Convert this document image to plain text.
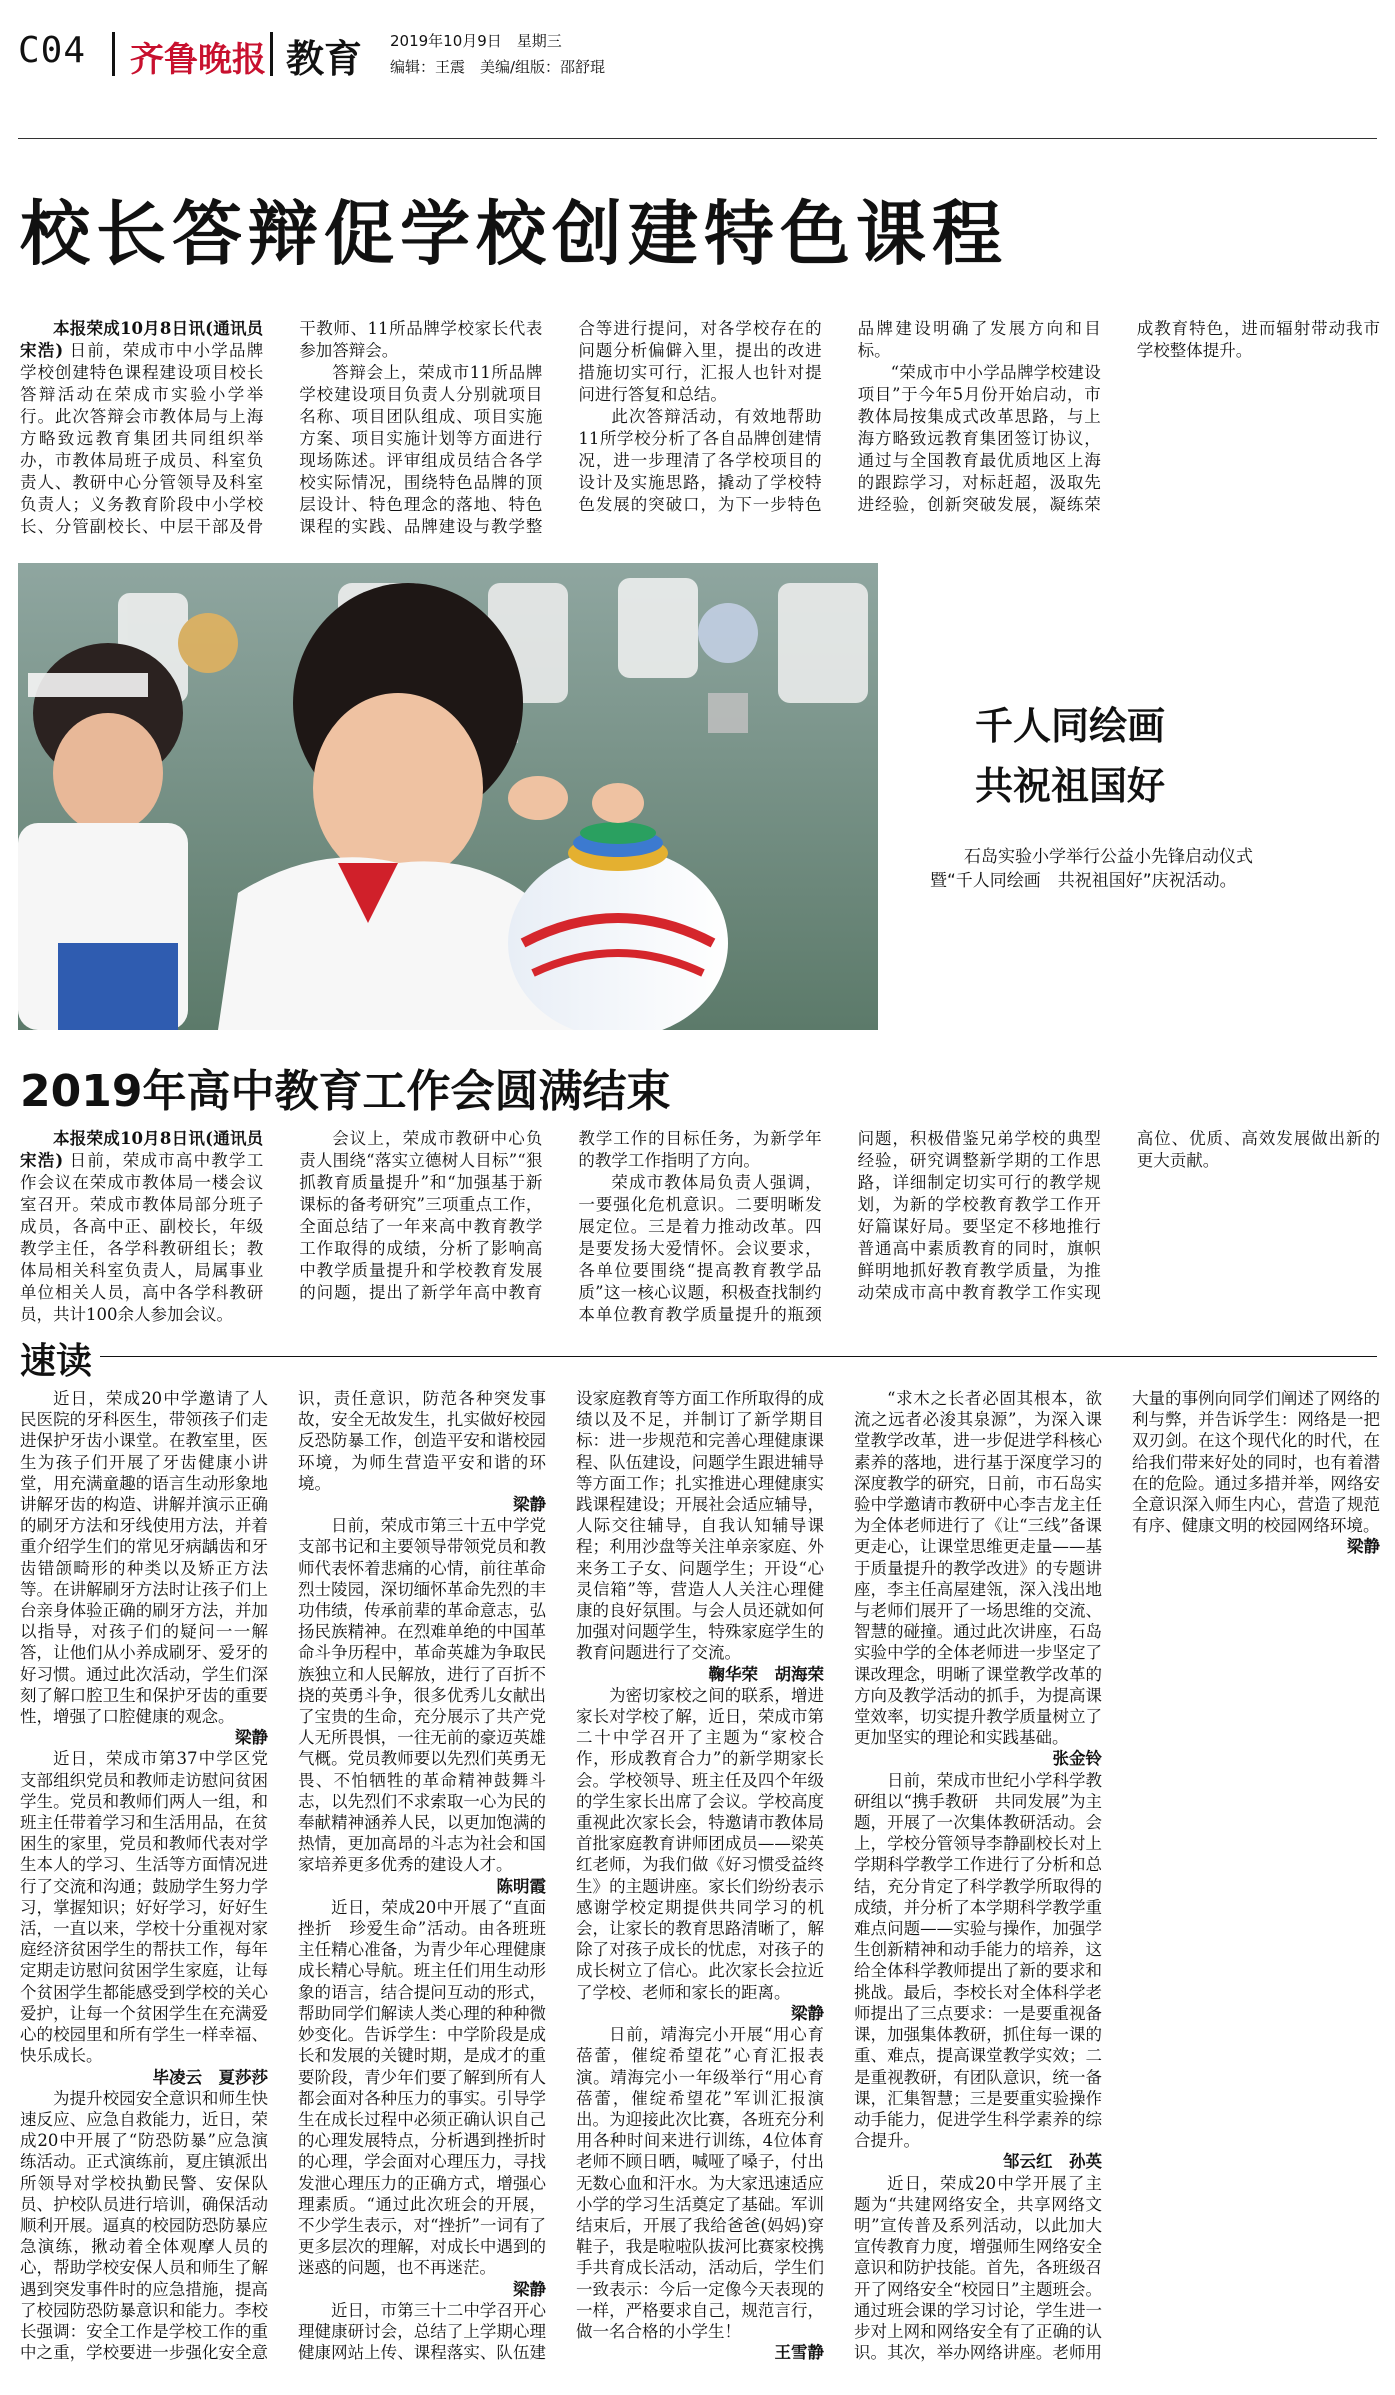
C04 齐鲁晚报 教育 2019年10月9日　星期三
编辑：王震　美编/组版：邵舒琨
校长答辩促学校创建特色课程

本报荣成10月8日讯(通讯员　宋浩) 日前，荣成市中小学品牌学校创建特色课程建设项目校长答辩活动在荣成市实验小学举行。此次答辩会市教体局与上海方略致远教育集团共同组织举办，市教体局班子成员、科室负责人、教研中心分管领导及科室负责人；义务教育阶段中小学校长、分管副校长、中层干部及骨干教师、11所品牌学校家长代表参加答辩会。

答辩会上，荣成市11所品牌学校建设项目负责人分别就项目名称、项目团队组成、项目实施方案、项目实施计划等方面进行现场陈述。评审组成员结合各学校实际情况，围绕特色品牌的顶层设计、特色理念的落地、特色课程的实践、品牌建设与教学整合等进行提问，对各学校存在的问题分析偏僻入里，提出的改进措施切实可行，汇报人也针对提问进行答复和总结。

此次答辩活动，有效地帮助11所学校分析了各自品牌创建情况，进一步理清了各学校项目的设计及实施思路，撬动了学校特色发展的突破口，为下一步特色品牌建设明确了发展方向和目标。

“荣成市中小学品牌学校建设项目”于今年5月份开始启动，市教体局按集成式改革思路，与上海方略致远教育集团签订协议，通过与全国教育最优质地区上海的跟踪学习，对标赶超，汲取先进经验，创新突破发展，凝练荣成教育特色，进而辐射带动我市学校整体提升。

千人同绘画
共祝祖国好
石岛实验小学举行公益小先锋启动仪式暨“千人同绘画　共祝祖国好”庆祝活动。
2019年高中教育工作会圆满结束

本报荣成10月8日讯(通讯员　宋浩) 日前，荣成市高中教学工作会议在荣成市教体局一楼会议室召开。荣成市教体局部分班子成员，各高中正、副校长，年级教学主任，各学科教研组长；教体局相关科室负责人，局属事业单位相关人员，高中各学科教研员，共计100余人参加会议。

会议上，荣成市教研中心负责人围绕“落实立德树人目标”“狠抓教育质量提升”和“加强基于新课标的备考研究”三项重点工作，全面总结了一年来高中教育教学工作取得的成绩，分析了影响高中教学质量提升和学校教育发展的问题，提出了新学年高中教育教学工作的目标任务，为新学年的教学工作指明了方向。

荣成市教体局负责人强调，一要强化危机意识。二要明晰发展定位。三是着力推动改革。四是要发扬大爱情怀。会议要求，各单位要围绕“提高教育教学品质”这一核心议题，积极查找制约本单位教育教学质量提升的瓶颈问题，积极借鉴兄弟学校的典型经验，研究调整新学期的工作思路，详细制定切实可行的教学规划，为新的学校教育教学工作开好篇谋好局。要坚定不移地推行普通高中素质教育的同时，旗帜鲜明地抓好教育教学质量，为推动荣成市高中教育教学工作实现高位、优质、高效发展做出新的更大贡献。

速读

近日，荣成20中学邀请了人民医院的牙科医生，带领孩子们走进保护牙齿小课堂。在教室里，医生为孩子们开展了牙齿健康小讲堂，用充满童趣的语言生动形象地讲解牙齿的构造、讲解并演示正确的刷牙方法和牙线使用方法，并着重介绍学生们的常见牙病龋齿和牙齿错颌畸形的种类以及矫正方法等。在讲解刷牙方法时让孩子们上台亲身体验正确的刷牙方法，并加以指导，对孩子们的疑问一一解答，让他们从小养成刷牙、爱牙的好习惯。通过此次活动，学生们深刻了解口腔卫生和保护牙齿的重要性，增强了口腔健康的观念。

梁静

近日，荣成市第37中学区党支部组织党员和教师走访慰问贫困学生。党员和教师们两人一组，和班主任带着学习和生活用品，在贫困生的家里，党员和教师代表对学生本人的学习、生活等方面情况进行了交流和沟通；鼓励学生努力学习，掌握知识；好好学习，好好生活，一直以来，学校十分重视对家庭经济贫困学生的帮扶工作，每年定期走访慰问贫困学生家庭，让每个贫困学生都能感受到学校的关心爱护，让每一个贫困学生在充满爱心的校园里和所有学生一样幸福、快乐成长。

毕凌云　夏莎莎

为提升校园安全意识和师生快速反应、应急自救能力，近日，荣成20中开展了“防恐防暴”应急演练活动。正式演练前，夏庄镇派出所领导对学校执勤民警、安保队员、护校队员进行培训，确保活动顺利开展。逼真的校园防恐防暴应急演练，揪动着全体观摩人员的心，帮助学校安保人员和师生了解遇到突发事件时的应急措施，提高了校园防恐防暴意识和能力。李校长强调：安全工作是学校工作的重中之重，学校要进一步强化安全意识，责任意识，防范各种突发事故，安全无故发生，扎实做好校园反恐防暴工作，创造平安和谐校园环境，为师生营造平安和谐的环境。

梁静

日前，荣成市第三十五中学党支部书记和主要领导带领党员和教师代表怀着悲痛的心情，前往革命烈士陵园，深切缅怀革命先烈的丰功伟绩，传承前辈的革命意志，弘扬民族精神。在烈难单绝的中国革命斗争历程中，革命英雄为争取民族独立和人民解放，进行了百折不挠的英勇斗争，很多优秀儿女献出了宝贵的生命，充分展示了共产党人无所畏惧，一往无前的豪迈英雄气概。党员教师要以先烈们英勇无畏、不怕牺牲的革命精神鼓舞斗志，以先烈们不求索取一心为民的奉献精神涵养人民，以更加饱满的热情，更加高昂的斗志为社会和国家培养更多优秀的建设人才。

陈明霞

近日，荣成20中开展了“直面挫折　珍爱生命”活动。由各班班主任精心准备，为青少年心理健康成长精心导航。班主任们用生动形象的语言，结合提问互动的形式，帮助同学们解读人类心理的种种微妙变化。告诉学生：中学阶段是成长和发展的关键时期，是成才的重要阶段，青少年们要了解到所有人都会面对各种压力的事实。引导学生在成长过程中必须正确认识自己的心理发展特点，分析遇到挫折时的心理，学会面对心理压力，寻找发泄心理压力的正确方式，增强心理素质。“通过此次班会的开展，不少学生表示，对“挫折”一词有了更多层次的理解，对成长中遇到的迷惑的问题，也不再迷茫。

梁静

近日，市第三十二中学召开心理健康研讨会，总结了上学期心理健康网站上传、课程落实、队伍建设家庭教育等方面工作所取得的成绩以及不足，并制订了新学期目标：进一步规范和完善心理健康课程、队伍建设，问题学生跟进辅导等方面工作；扎实推进心理健康实践课程建设；开展社会适应辅导，人际交往辅导，自我认知辅导课程；利用沙盘等关注单亲家庭、外来务工子女、问题学生；开设“心灵信箱”等，营造人人关注心理健康的良好氛围。与会人员还就如何加强对问题学生，特殊家庭学生的教育问题进行了交流。

鞠华荣　胡海荣

为密切家校之间的联系，增进家长对学校了解，近日，荣成市第二十中学召开了主题为“家校合作，形成教育合力”的新学期家长会。学校领导、班主任及四个年级的学生家长出席了会议。学校高度重视此次家长会，特邀请市教体局首批家庭教育讲师团成员——梁英红老师，为我们做《好习惯受益终生》的主题讲座。家长们纷纷表示感谢学校定期提供共同学习的机会，让家长的教育思路清晰了，解除了对孩子成长的忧虑，对孩子的成长树立了信心。此次家长会拉近了学校、老师和家长的距离。

梁静

日前，靖海完小开展“用心育蓓蕾，催绽希望花”心育汇报表演。靖海完小一年级举行“用心育蓓蕾，催绽希望花”军训汇报演出。为迎接此次比赛，各班充分利用各种时间来进行训练，4位体育老师不顾日晒，喊哑了嗓子，付出无数心血和汗水。为大家迅速适应小学的学习生活奠定了基础。军训结束后，开展了我给爸爸(妈妈)穿鞋子，我是啦啦队拔河比赛家校携手共育成长活动，活动后，学生们一致表示：今后一定像今天表现的一样，严格要求自己，规范言行，做一名合格的小学生！

王雪静

“求木之长者必固其根本，欲流之远者必浚其泉源”，为深入课堂教学改革，进一步促进学科核心素养的落地，进行基于深度学习的深度教学的研究，日前，市石岛实验中学邀请市教研中心李吉龙主任为全体老师进行了《让“三线”备课更走心，让课堂思维更走量——基于质量提升的教学改进》的专题讲座，李主任高屋建瓴，深入浅出地与老师们展开了一场思维的交流、智慧的碰撞。通过此次讲座，石岛实验中学的全体老师进一步坚定了课改理念，明晰了课堂教学改革的方向及教学活动的抓手，为提高课堂效率，切实提升教学质量树立了更加坚实的理论和实践基础。

张金铃

日前，荣成市世纪小学科学教研组以“携手教研　共同发展”为主题，开展了一次集体教研活动。会上，学校分管领导李静副校长对上学期科学教学工作进行了分析和总结，充分肯定了科学教学所取得的成绩，并分析了本学期科学教学重难点问题——实验与操作，加强学生创新精神和动手能力的培养，这给全体科学教师提出了新的要求和挑战。最后，李校长对全体科学老师提出了三点要求：一是要重视备课，加强集体教研，抓住每一课的重、难点，提高课堂教学实效；二是重视教研，有团队意识，统一备课，汇集智慧；三是要重实验操作动手能力，促进学生科学素养的综合提升。

邹云红　孙英

近日，荣成20中学开展了主题为“共建网络安全，共享网络文明”宣传普及系列活动，以此加大宣传教育力度，增强师生网络安全意识和防护技能。首先，各班级召开了网络安全“校园日”主题班会。通过班会课的学习讨论，学生进一步对上网和网络安全有了正确的认识。其次，举办网络讲座。老师用大量的事例向同学们阐述了网络的利与弊，并告诉学生：网络是一把双刃剑。在这个现代化的时代，在给我们带来好处的同时，也有着潜在的危险。通过多措并举，网络安全意识深入师生内心，营造了规范有序、健康文明的校园网络环境。

梁静
